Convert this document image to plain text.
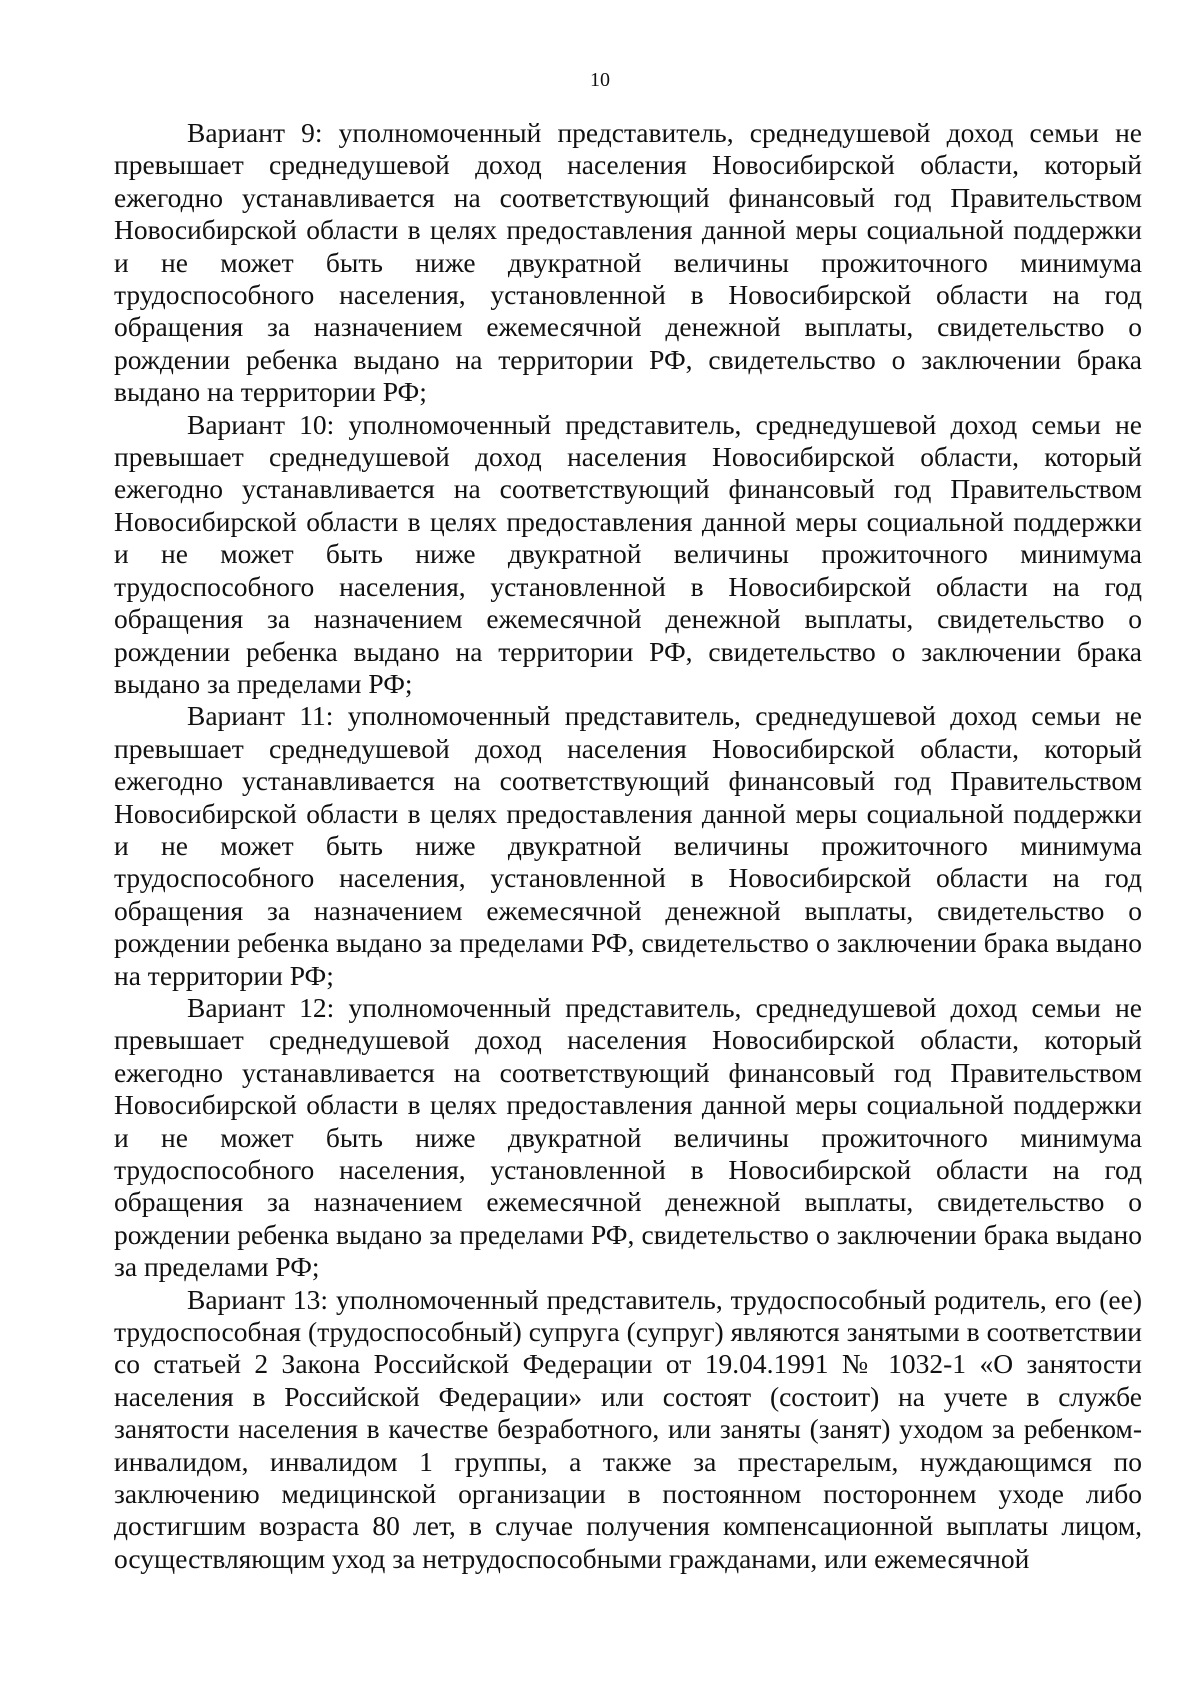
10

Вариант 9: уполномоченный представитель, среднедушевой доход семьи не превышает среднедушевой доход населения Новосибирской области, который ежегодно устанавливается на соответствующий финансовый год Правительством Новосибирской области в целях предоставления данной меры социальной поддержки и не может быть ниже двукратной величины прожиточного минимума трудоспособного населения, установленной в Новосибирской области на год обращения за назначением ежемесячной денежной выплаты, свидетельство о рождении ребенка выдано на территории РФ, свидетельство о заключении брака выдано на территории РФ;

Вариант 10: уполномоченный представитель, среднедушевой доход семьи не превышает среднедушевой доход населения Новосибирской области, который ежегодно устанавливается на соответствующий финансовый год Правительством Новосибирской области в целях предоставления данной меры социальной поддержки и не может быть ниже двукратной величины прожиточного минимума трудоспособного населения, установленной в Новосибирской области на год обращения за назначением ежемесячной денежной выплаты, свидетельство о рождении ребенка выдано на территории РФ, свидетельство о заключении брака выдано за пределами РФ;

Вариант 11: уполномоченный представитель, среднедушевой доход семьи не превышает среднедушевой доход населения Новосибирской области, который ежегодно устанавливается на соответствующий финансовый год Правительством Новосибирской области в целях предоставления данной меры социальной поддержки и не может быть ниже двукратной величины прожиточного минимума трудоспособного населения, установленной в Новосибирской области на год обращения за назначением ежемесячной денежной выплаты, свидетельство о рождении ребенка выдано за пределами РФ, свидетельство о заключении брака выдано на территории РФ;

Вариант 12: уполномоченный представитель, среднедушевой доход семьи не превышает среднедушевой доход населения Новосибирской области, который ежегодно устанавливается на соответствующий финансовый год Правительством Новосибирской области в целях предоставления данной меры социальной поддержки и не может быть ниже двукратной величины прожиточного минимума трудоспособного населения, установленной в Новосибирской области на год обращения за назначением ежемесячной денежной выплаты, свидетельство о рождении ребенка выдано за пределами РФ, свидетельство о заключении брака выдано за пределами РФ;

Вариант 13: уполномоченный представитель, трудоспособный родитель, его (ее) трудоспособная (трудоспособный) супруга (супруг) являются занятыми в соответствии со статьей 2 Закона Российской Федерации от 19.04.1991 № 1032-1 «О занятости населения в Российской Федерации» или состоят (состоит) на учете в службе занятости населения в качестве безработного, или заняты (занят) уходом за ребенком-инвалидом, инвалидом 1 группы, а также за престарелым, нуждающимся по заключению медицинской организации в постоянном постороннем уходе либо достигшим возраста 80 лет, в случае получения компенсационной выплаты лицом, осуществляющим уход за нетрудоспособными гражданами, или ежемесячной
